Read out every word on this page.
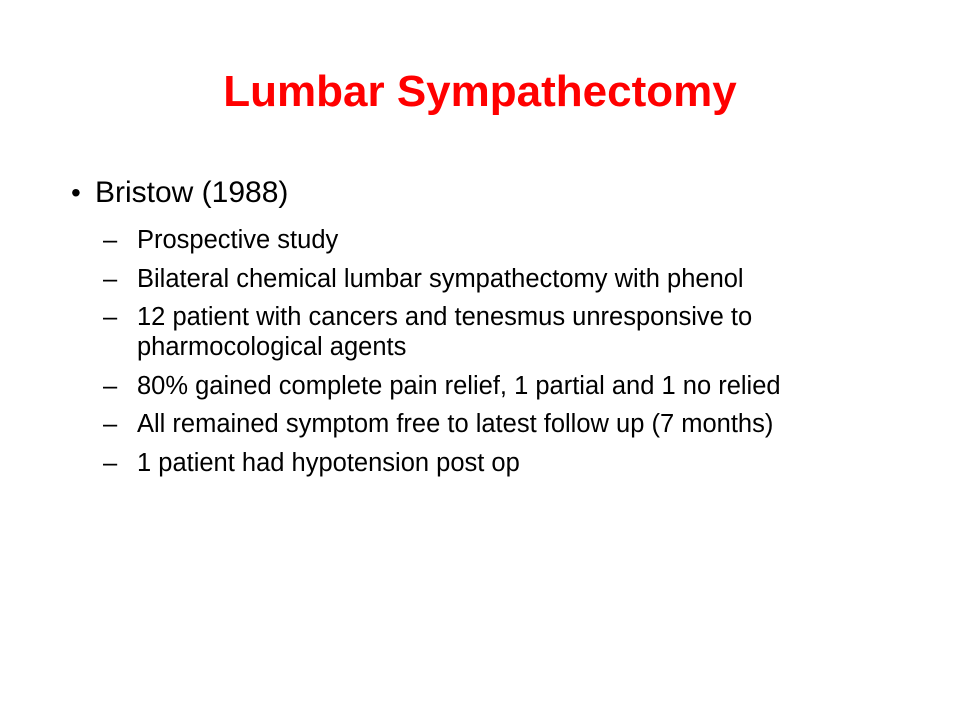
Lumbar Sympathectomy
• Bristow (1988)
– Prospective study
– Bilateral chemical lumbar sympathectomy with phenol
– 12 patient with cancers and tenesmus unresponsive to pharmocological agents
– 80% gained complete pain relief, 1 partial and 1 no relied
– All remained symptom free to latest follow up (7 months)
– 1 patient had hypotension post op
